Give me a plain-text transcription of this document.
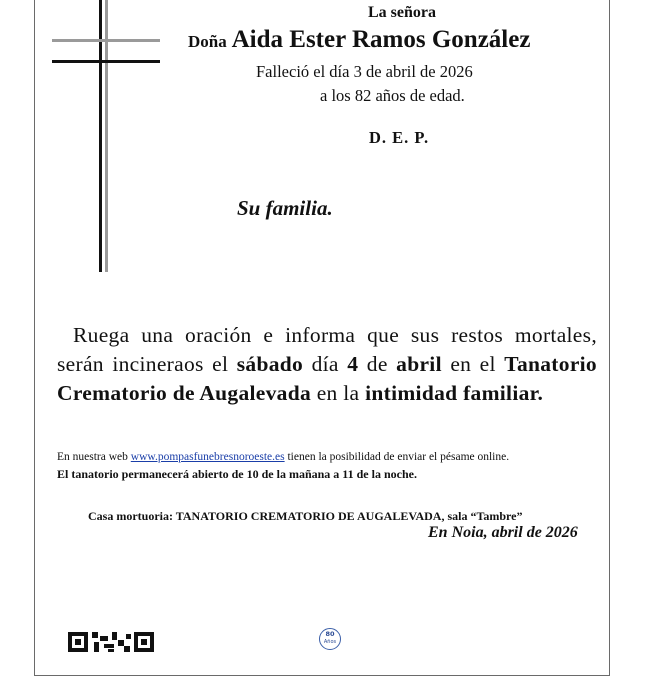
La señora
Doña Aida Ester Ramos González
Falleció el día 3 de abril de 2026
a los 82 años de edad.
D. E. P.
Su familia.
Ruega una oración e informa que sus restos mortales, serán incineraos el sábado día 4 de abril en el Tanatorio Crematorio de Augalevada en la intimidad familiar.
En nuestra web www.pompasfunebresnoroeste.es tienen la posibilidad de enviar el pésame online.
El tanatorio permanecerá abierto de 10 de la mañana a 11 de la noche.
Casa mortuoria: TANATORIO CREMATORIO DE AUGALEVADA, sala “Tambre”
En Noia, abril de 2026
80
Años
